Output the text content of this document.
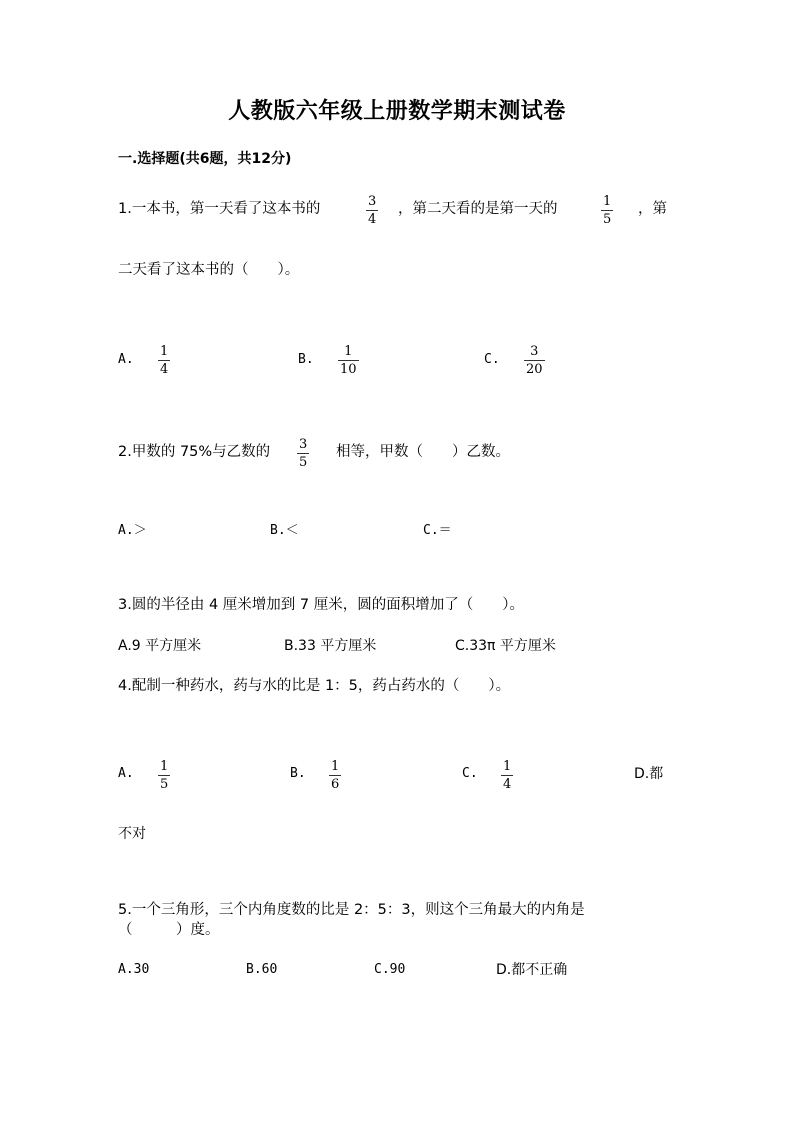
人教版六年级上册数学期末测试卷
一.选择题(共6题，共12分)
1.一本书，第一天看了这本书的	3
4
，第二天看的是第一天的	1
5
，第
二天看了这本书的（　　）。
A.
1
4
B.
1
10
C.
3
20
2.甲数的 75%与乙数的 3
5
相等，甲数（　　）乙数。
A.＞	B.＜	C.＝
3.圆的半径由 4 厘米增加到 7 厘米，圆的面积增加了（　　）。
A.9 平方厘米	B.33 平方厘米	C.33π 平方厘米
4.配制一种药水，药与水的比是 1：5，药占药水的（　　）。
A. 1
5
B. 1
6
C. 1
4
D.都
不对
5.一个三角形，三个内角度数的比是 2：5：3，则这个三角最大的内角是
（　　　）度。
A.30	B.60	C.90	D.都不正确
